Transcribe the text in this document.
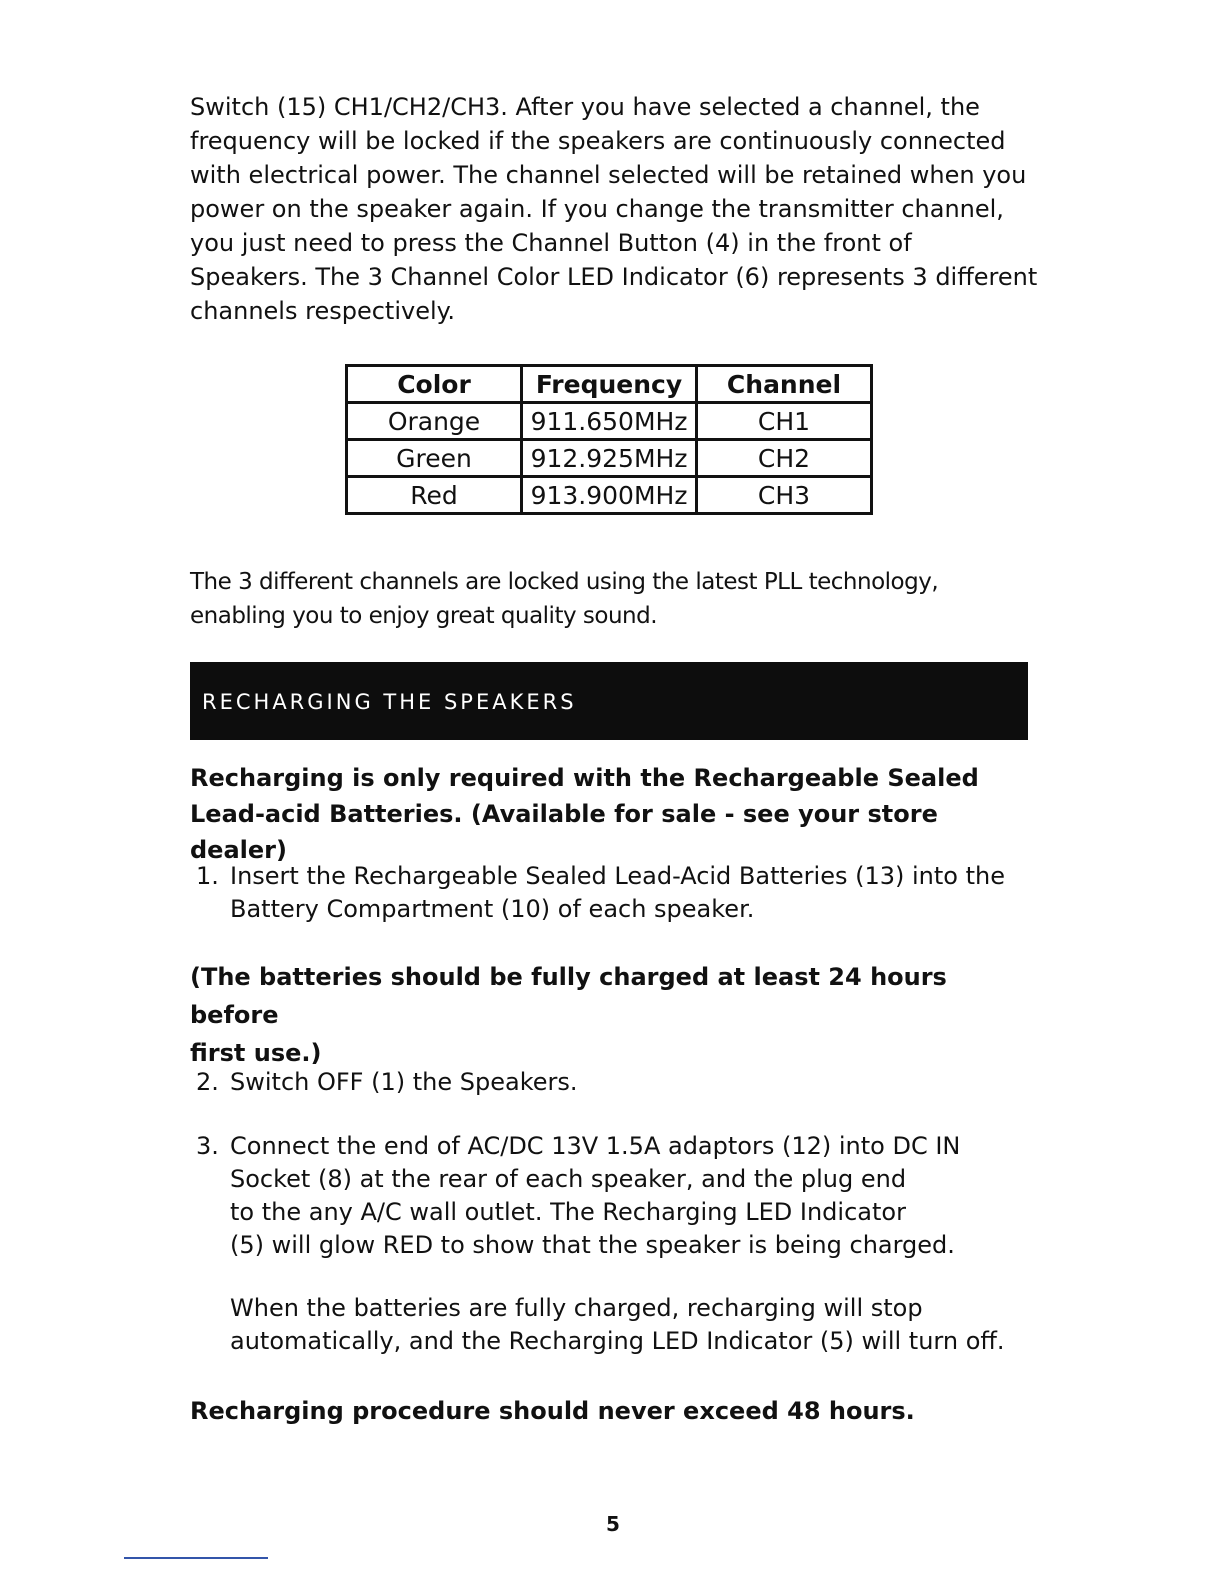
Switch (15) CH1/CH2/CH3. After you have selected a channel, the
frequency will be locked if the speakers are continuously connected
with electrical power. The channel selected will be retained when you
power on the speaker again. If you change the transmitter channel,
you just need to press the Channel Button (4) in the front of
Speakers. The 3 Channel Color LED Indicator (6) represents 3 different
channels respectively.
Color	Frequency	Channel
Orange	911.650MHz	CH1
Green	912.925MHz	CH2
Red	913.900MHz	CH3
The 3 different channels are locked using the latest PLL technology,
enabling you to enjoy great quality sound.
RECHARGING THE SPEAKERS
Recharging is only required with the Rechargeable Sealed
Lead-acid Batteries. (Available for sale - see your store dealer)
1. Insert the Rechargeable Sealed Lead-Acid Batteries (13) into the
Battery Compartment (10) of each speaker.
(The batteries should be fully charged at least 24 hours before
first use.)
2. Switch OFF (1) the Speakers.
3. Connect the end of AC/DC 13V 1.5A adaptors (12) into DC IN
Socket (8) at the rear of each speaker, and the plug end
to the any A/C wall outlet. The Recharging LED Indicator
(5) will glow RED to show that the speaker is being charged.
When the batteries are fully charged, recharging will stop
automatically, and the Recharging LED Indicator (5) will turn off.
Recharging procedure should never exceed 48 hours.
5
